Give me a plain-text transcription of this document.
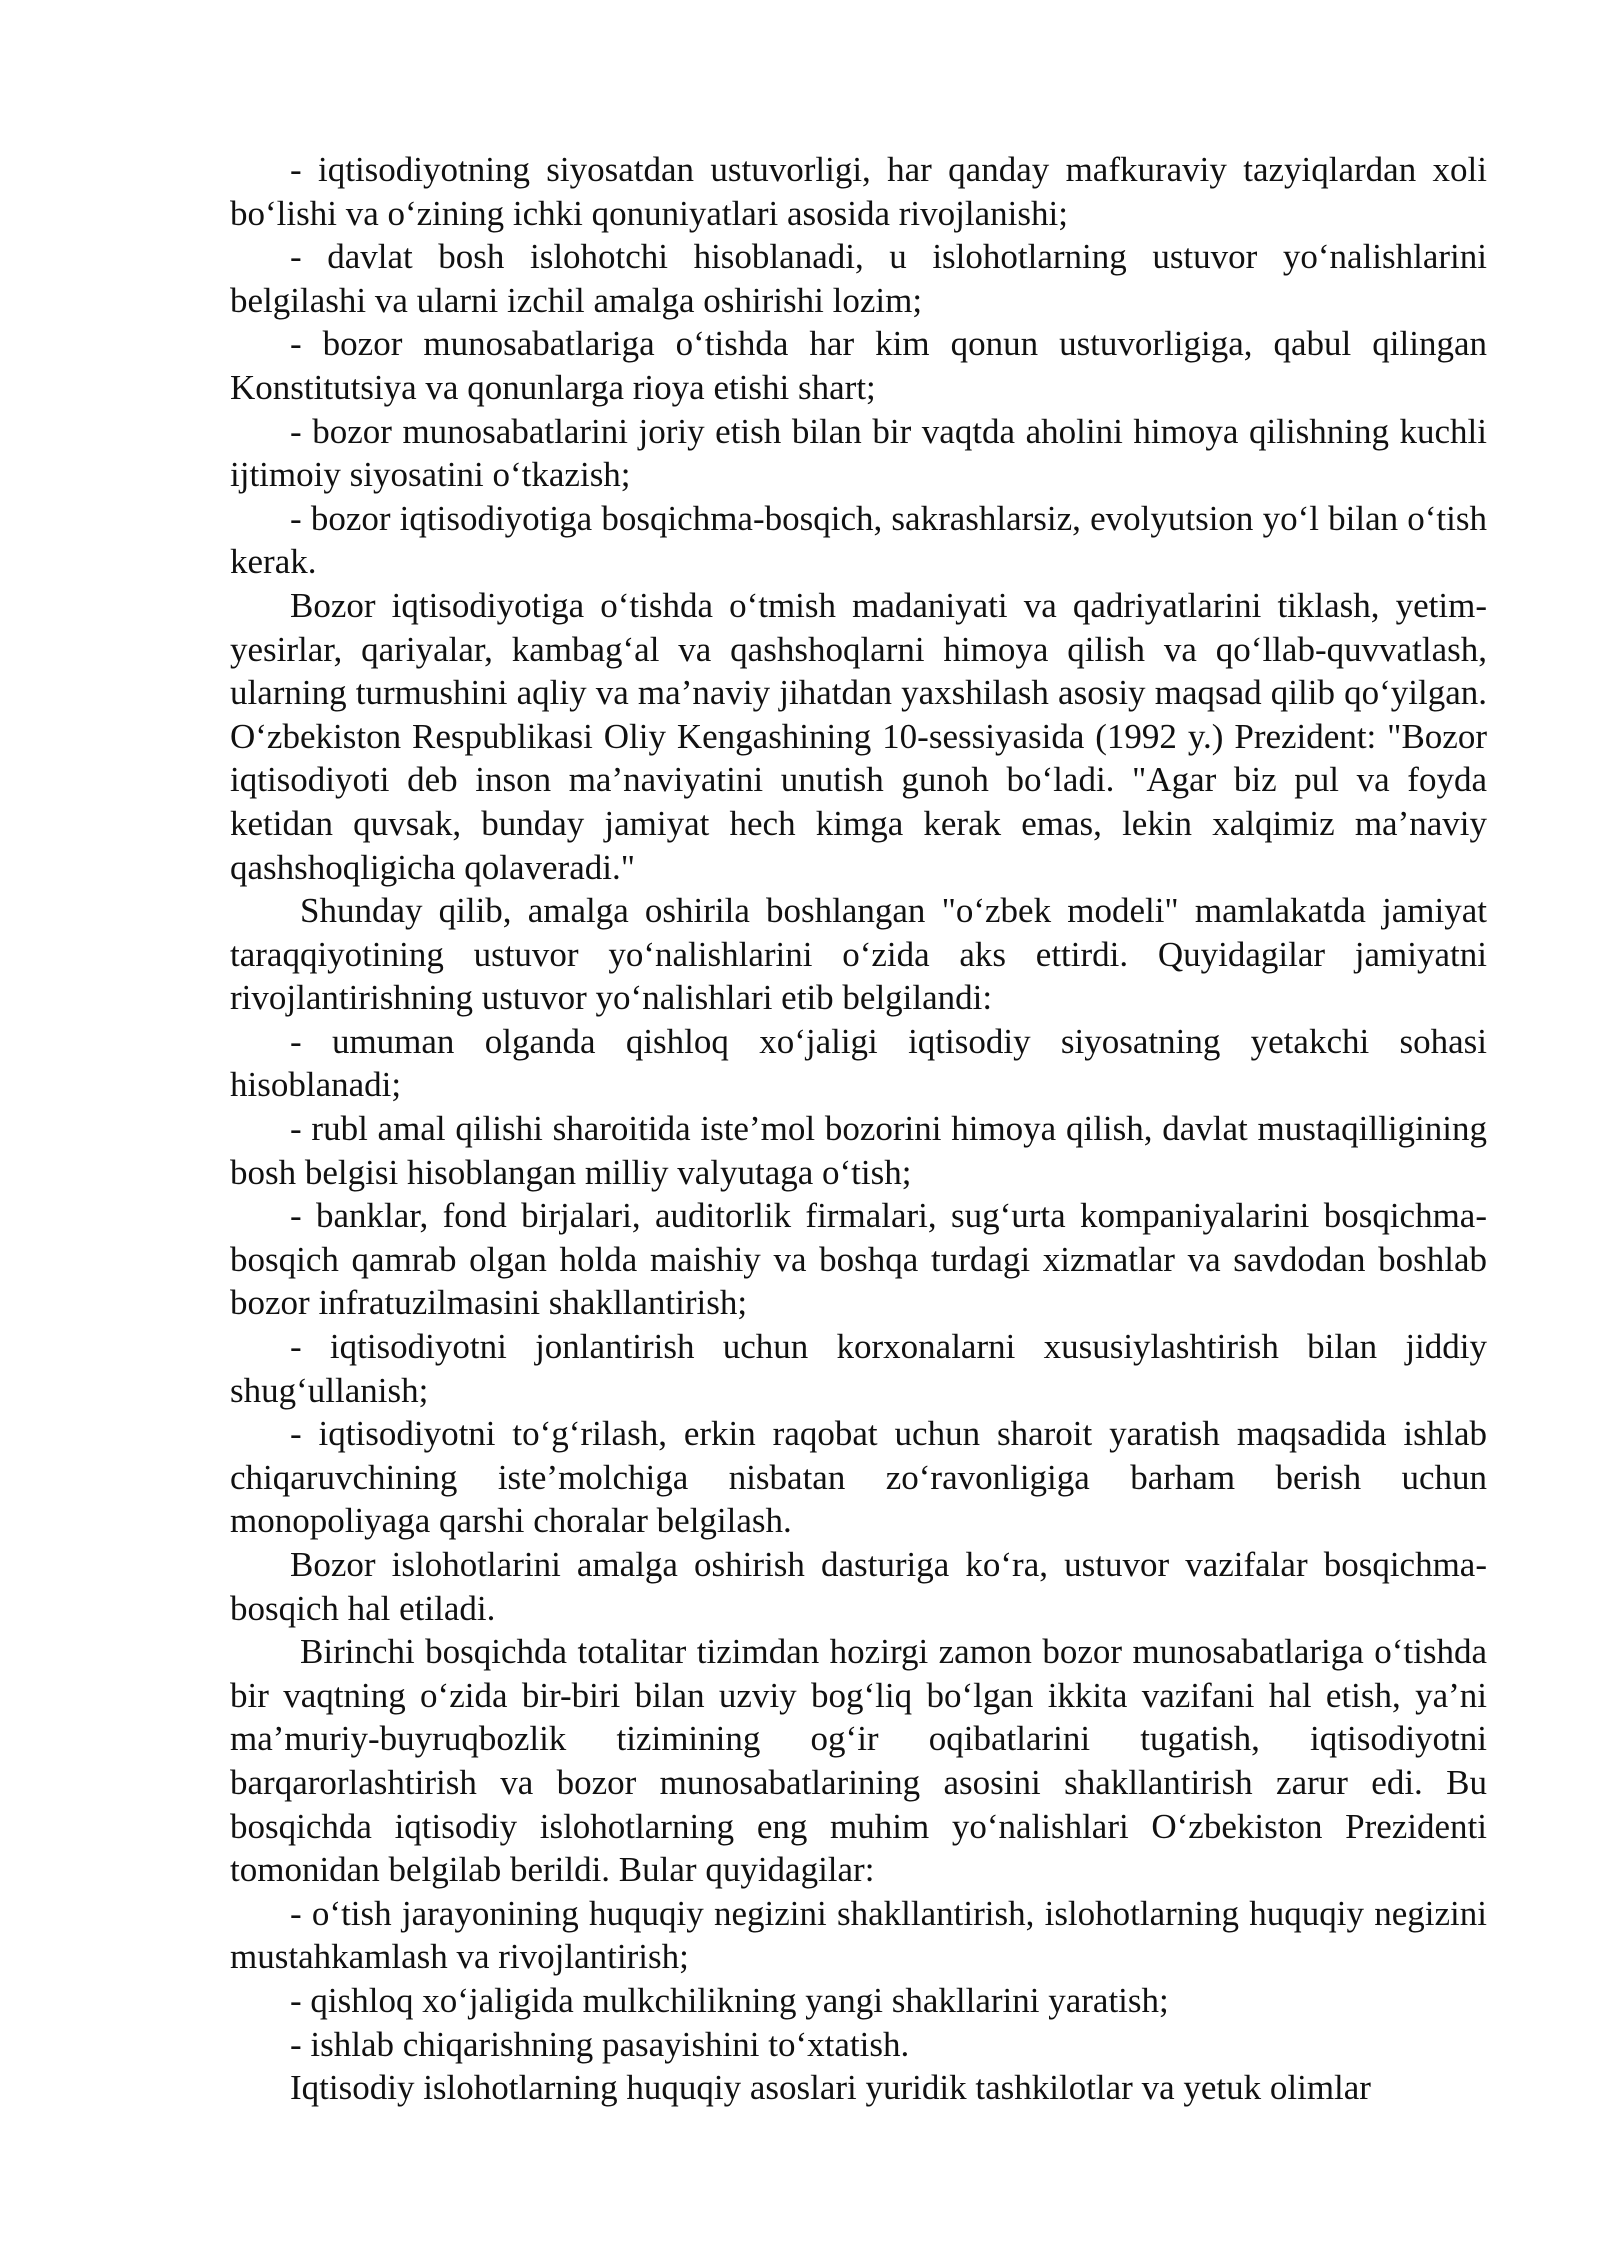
- iqtisodiyotning siyosatdan ustuvorligi, har qanday mafkuraviy tazyiqlardan xoli bo‘lishi va o‘zining ichki qonuniyatlari asosida rivojlanishi;

- davlat bosh islohotchi hisoblanadi, u islohotlarning ustuvor yo‘nalishlarini belgilashi va ularni izchil amalga oshirishi lozim;

- bozor munosabatlariga o‘tishda har kim qonun ustuvorligiga, qabul qilingan Konstitutsiya va qonunlarga rioya etishi shart;

- bozor munosabatlarini joriy etish bilan bir vaqtda aholini himoya qilishning kuchli ijtimoiy siyosatini o‘tkazish;

- bozor iqtisodiyotiga bosqichma-bosqich, sakrashlarsiz, evolyutsion yo‘l bilan o‘tish kerak.

Bozor iqtisodiyotiga o‘tishda o‘tmish madaniyati va qadriyatlarini tiklash, yetim-yesirlar, qariyalar, kambag‘al va qashshoqlarni himoya qilish va qo‘llab-quvvatlash, ularning turmushini aqliy va ma’naviy jihatdan yaxshilash asosiy maqsad qilib qo‘yilgan. O‘zbekiston Respublikasi Oliy Kengashining 10-sessiyasida (1992 y.) Prezident: "Bozor iqtisodiyoti deb inson ma’naviyatini unutish gunoh bo‘ladi. "Agar biz pul va foyda ketidan quvsak, bunday jamiyat hech kimga kerak emas, lekin xalqimiz ma’naviy qashshoqligicha qolaveradi."

Shunday qilib, amalga oshirila boshlangan "o‘zbek modeli" mamlakatda jamiyat taraqqiyotining ustuvor yo‘nalishlarini o‘zida aks ettirdi. Quyidagilar jamiyatni rivojlantirishning ustuvor yo‘nalishlari etib belgilandi:

- umuman olganda qishloq xo‘jaligi iqtisodiy siyosatning yetakchi sohasi hisoblanadi;

- rubl amal qilishi sharoitida iste’mol bozorini himoya qilish, davlat mustaqilligining bosh belgisi hisoblangan milliy valyutaga o‘tish;

- banklar, fond birjalari, auditorlik firmalari, sug‘urta kompaniyalarini bosqichma-bosqich qamrab olgan holda maishiy va boshqa turdagi xizmatlar va savdodan boshlab bozor infratuzilmasini shakllantirish;

- iqtisodiyotni jonlantirish uchun korxonalarni xususiylashtirish bilan jiddiy shug‘ullanish;

- iqtisodiyotni to‘g‘rilash, erkin raqobat uchun sharoit yaratish maqsadida ishlab chiqaruvchining iste’molchiga nisbatan zo‘ravonligiga barham berish uchun monopoliyaga qarshi choralar belgilash.

Bozor islohotlarini amalga oshirish dasturiga ko‘ra, ustuvor vazifalar bosqichma-bosqich hal etiladi.

Birinchi bosqichda totalitar tizimdan hozirgi zamon bozor munosabatlariga o‘tishda bir vaqtning o‘zida bir-biri bilan uzviy bog‘liq bo‘lgan ikkita vazifani hal etish, ya’ni ma’muriy-buyruqbozlik tizimining og‘ir oqibatlarini tugatish, iqtisodiyotni barqarorlashtirish va bozor munosabatlarining asosini shakllantirish zarur edi. Bu bosqichda iqtisodiy islohotlarning eng muhim yo‘nalishlari O‘zbekiston Prezidenti tomonidan belgilab berildi. Bular quyidagilar:

- o‘tish jarayonining huquqiy negizini shakllantirish, islohotlarning huquqiy negizini mustahkamlash va rivojlantirish;

- qishloq xo‘jaligida mulkchilikning yangi shakllarini yaratish;

- ishlab chiqarishning pasayishini to‘xtatish.

Iqtisodiy islohotlarning huquqiy asoslari yuridik tashkilotlar va yetuk olimlar
